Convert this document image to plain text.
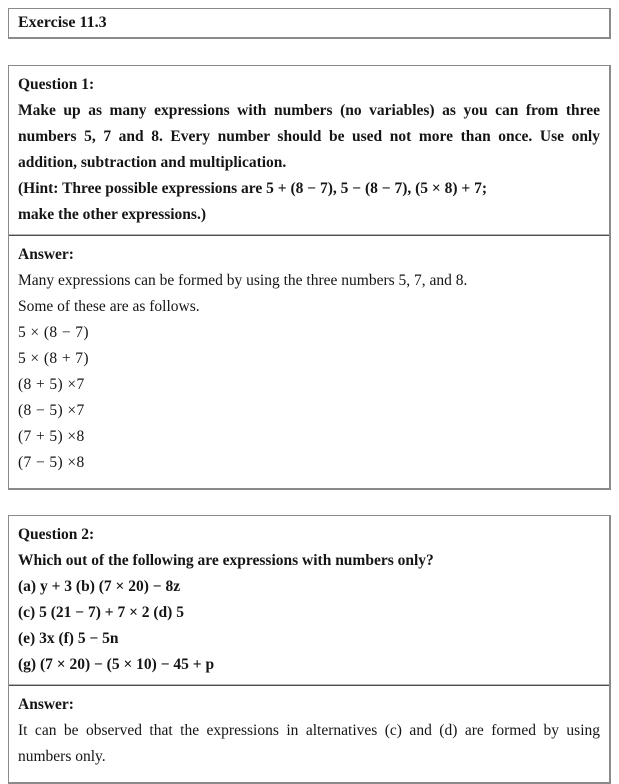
Exercise 11.3
Question 1:
Make up as many expressions with numbers (no variables) as you can from three numbers 5, 7 and 8. Every number should be used not more than once. Use only addition, subtraction and multiplication.
(Hint: Three possible expressions are 5 + (8 − 7), 5 − (8 − 7), (5 × 8) + 7;
make the other expressions.)
Answer:
Many expressions can be formed by using the three numbers 5, 7, and 8.
Some of these are as follows.
5 × (8 − 7)
5 × (8 + 7)
(8 + 5) ×7
(8 − 5) ×7
(7 + 5) ×8
(7 − 5) ×8
Question 2:
Which out of the following are expressions with numbers only?
(a) y + 3 (b) (7 × 20) − 8z
(c) 5 (21 − 7) + 7 × 2 (d) 5
(e) 3x (f) 5 − 5n
(g) (7 × 20) − (5 × 10) − 45 + p
Answer:
It can be observed that the expressions in alternatives (c) and (d) are formed by using numbers only.
